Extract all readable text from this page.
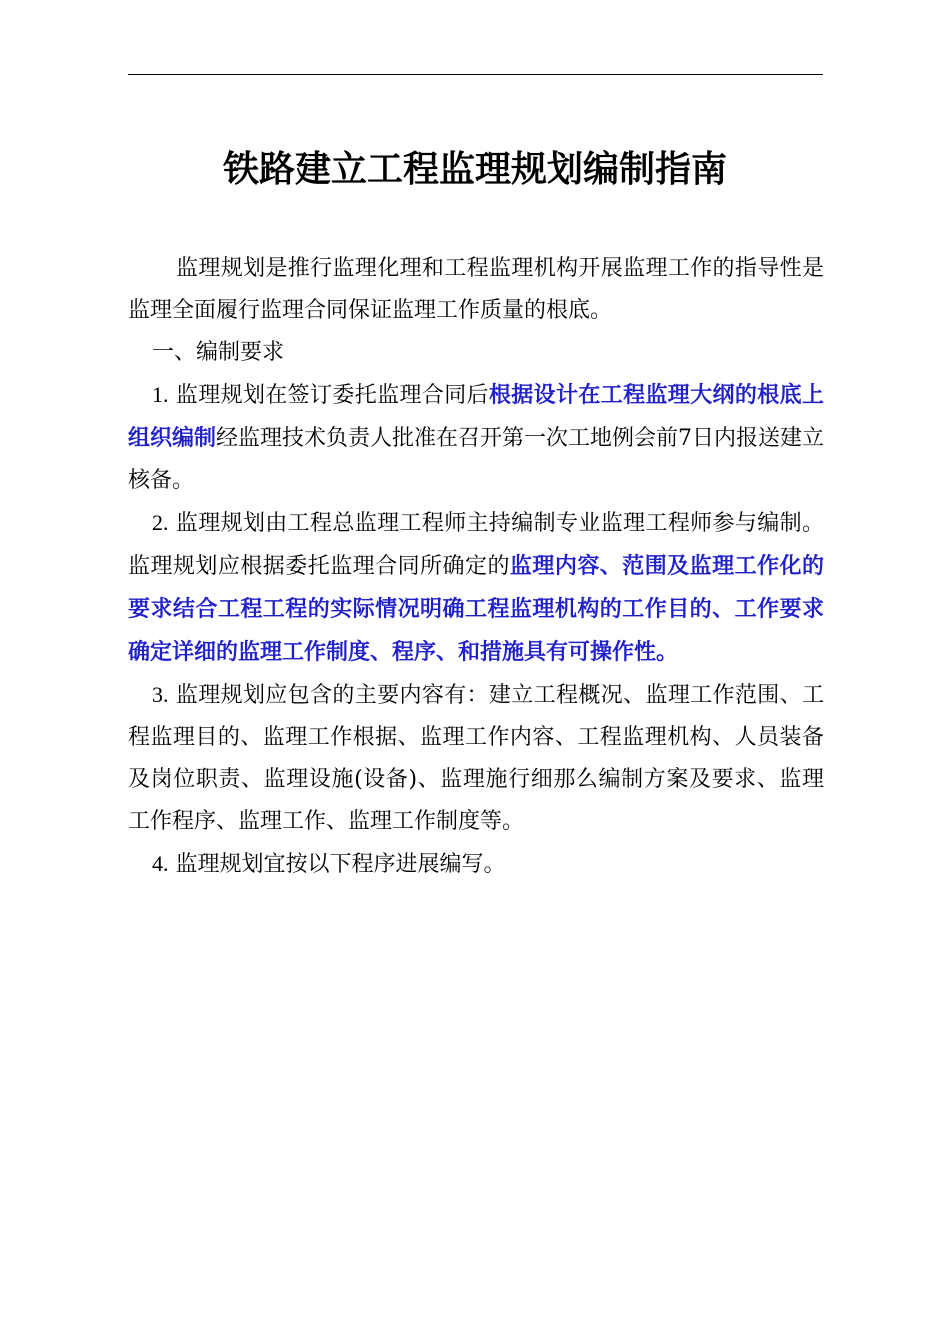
铁路建立工程监理规划编制指南

监理规划是推行监理化理和工程监理机构开展监理工作的指导性是监理全面履行监理合同保证监理工作质量的根底。

一、编制要求

1. 监理规划在签订委托监理合同后根据设计在工程监理大纲的根底上组织编制经监理技术负责人批准在召开第一次工地例会前7日内报送建立核备。

2. 监理规划由工程总监理工程师主持编制专业监理工程师参与编制。监理规划应根据委托监理合同所确定的监理内容、范围及监理工作化的要求结合工程工程的实际情况明确工程监理机构的工作目的、工作要求确定详细的监理工作制度、程序、和措施具有可操作性。

3. 监理规划应包含的主要内容有：建立工程概况、监理工作范围、工程监理目的、监理工作根据、监理工作内容、工程监理机构、人员装备及岗位职责、监理设施(设备)、监理施行细那么编制方案及要求、监理工作程序、监理工作、监理工作制度等。

4. 监理规划宜按以下程序进展编写。
